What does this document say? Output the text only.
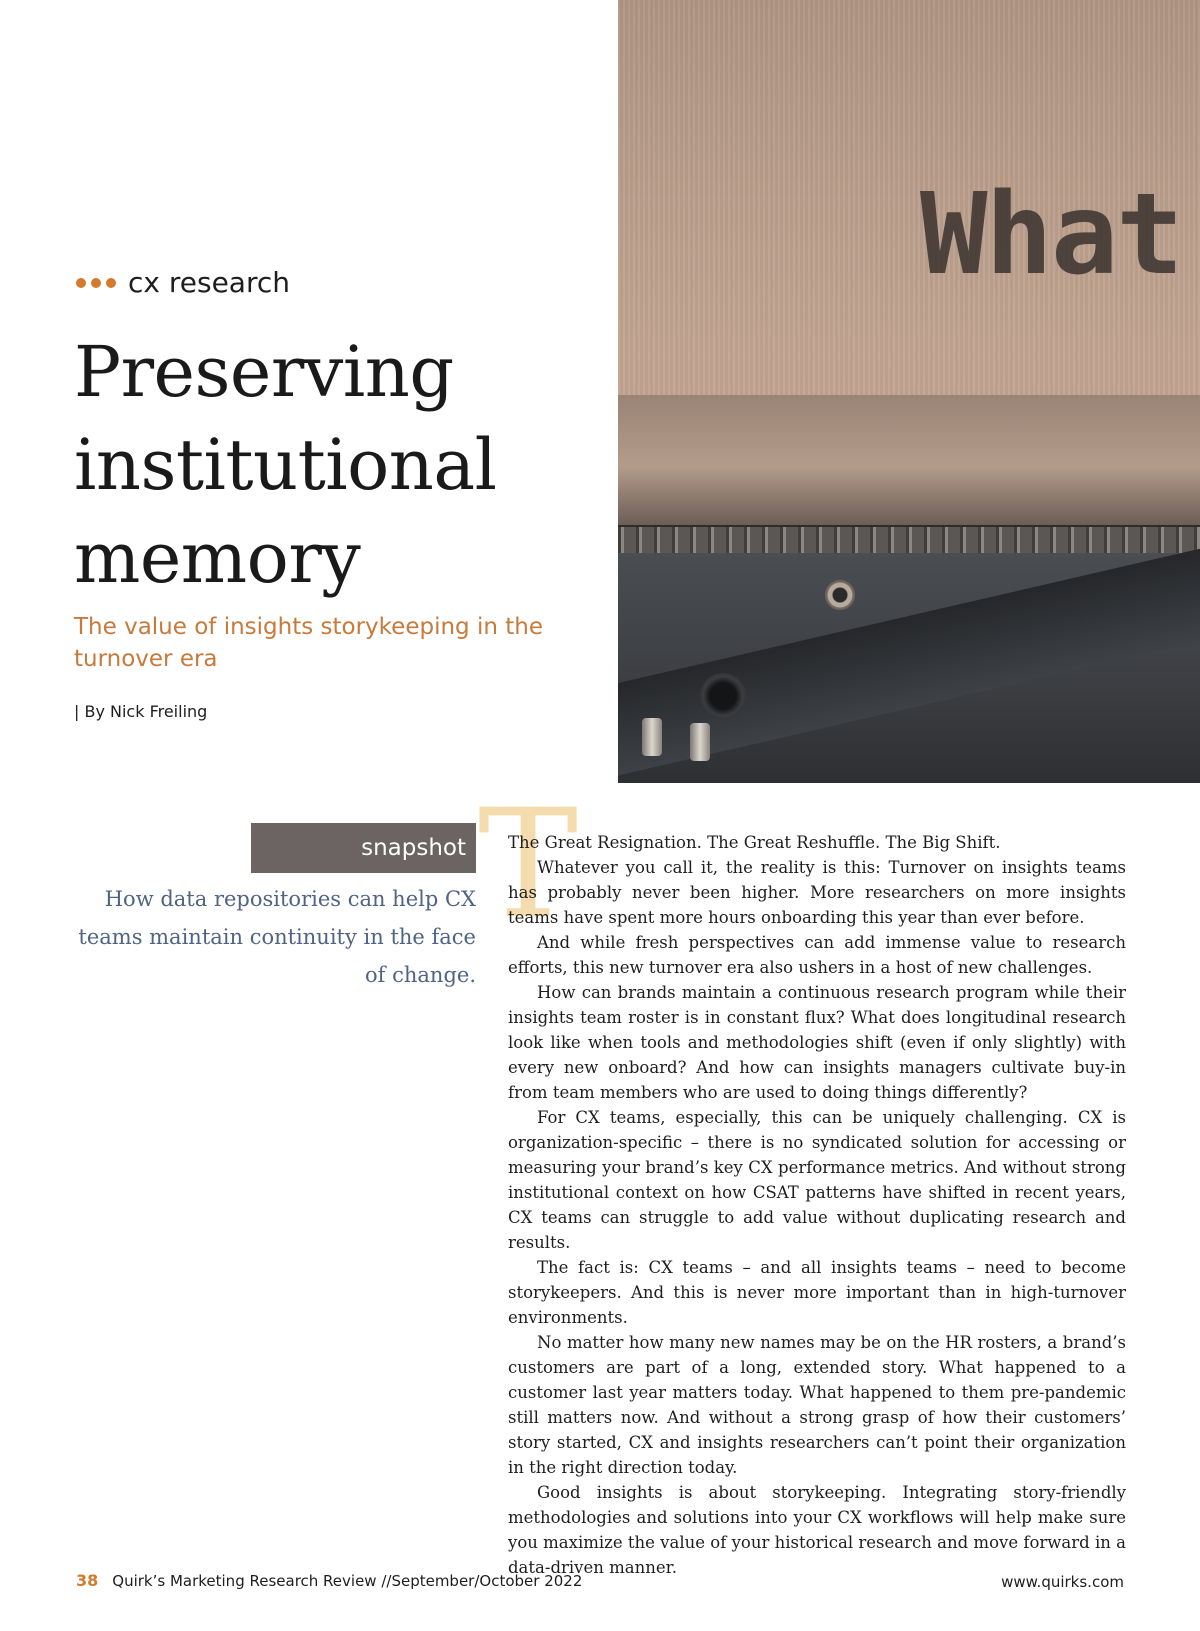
What
cx research
Preserving
institutional
memory
The value of insights storykeeping in the turnover era
| By Nick Freiling
snapshot
How data repositories can help CX teams maintain continuity in the face of change.
T

The Great Resignation. The Great Reshuffle. The Big Shift.

Whatever you call it, the reality is this: Turnover on insights teams has probably never been higher. More researchers on more insights teams have spent more hours onboarding this year than ever before.

And while fresh perspectives can add immense value to research efforts, this new turnover era also ushers in a host of new challenges.

How can brands maintain a continuous research program while their insights team roster is in constant flux? What does longitudinal research look like when tools and methodologies shift (even if only slightly) with every new onboard? And how can insights managers cultivate buy-in from team members who are used to doing things differently?

For CX teams, especially, this can be uniquely challenging. CX is organization-specific – there is no syndicated solution for accessing or measuring your brand’s key CX performance metrics. And without strong institutional context on how CSAT patterns have shifted in recent years, CX teams can struggle to add value without duplicating research and results.

The fact is: CX teams – and all insights teams – need to become storykeepers. And this is never more important than in high-turnover environments.

No matter how many new names may be on the HR rosters, a brand’s customers are part of a long, extended story. What happened to a customer last year matters today. What happened to them pre-pandemic still matters now. And without a strong grasp of how their customers’ story started, CX and insights researchers can’t point their organization in the right direction today.

Good insights is about storykeeping. Integrating story-friendly methodologies and solutions into your CX workflows will help make sure you maximize the value of your historical research and move forward in a data-driven manner.

38 Quirk’s Marketing Research Review //September/October 2022	www.quirks.com
